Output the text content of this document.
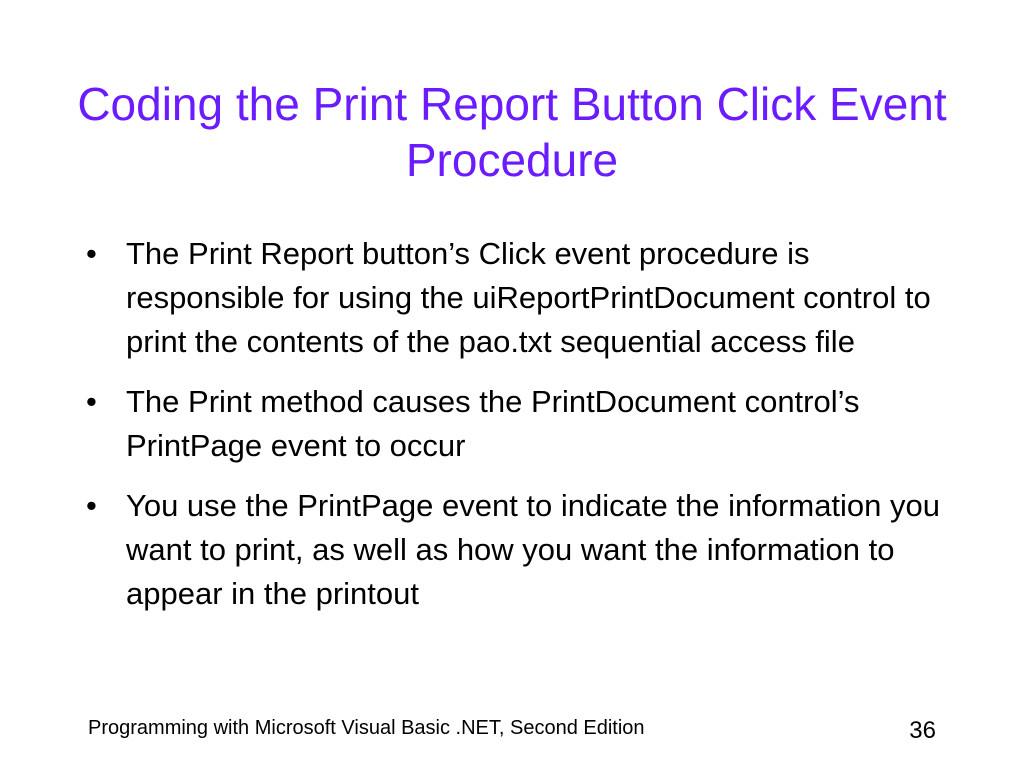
Coding the Print Report Button Click Event Procedure
• The Print Report button’s Click event procedure is responsible for using the uiReportPrintDocument control to print the contents of the pao.txt sequential access file
• The Print method causes the PrintDocument control’s PrintPage event to occur
• You use the PrintPage event to indicate the information you want to print, as well as how you want the information to appear in the printout
Programming with Microsoft Visual Basic .NET, Second Edition	36
